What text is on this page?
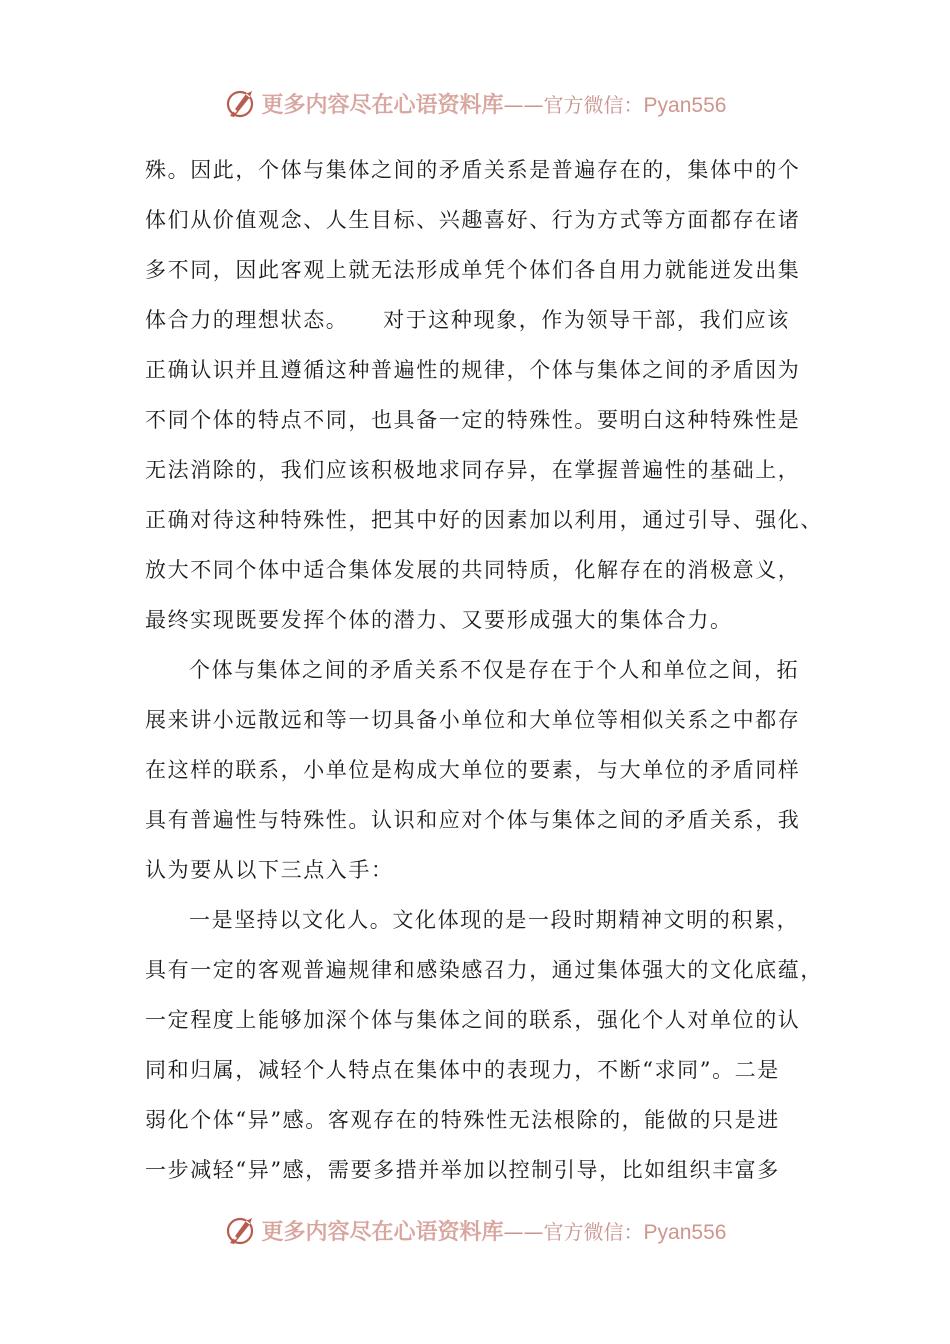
更多内容尽在心语资料库 —— 官方微信： Pyan556
殊。因此，个体与集体之间的矛盾关系是普遍存在的，集体中的个
体们从价值观念、人生目标、兴趣喜好、行为方式等方面都存在诸
多不同，因此客观上就无法形成单凭个体们各自用力就能迸发出集
体合力的理想状态。　　对于这种现象，作为领导干部，我们应该
正确认识并且遵循这种普遍性的规律，个体与集体之间的矛盾因为
不同个体的特点不同，也具备一定的特殊性。要明白这种特殊性是
无法消除的，我们应该积极地求同存异，在掌握普遍性的基础上，
正确对待这种特殊性，把其中好的因素加以利用，通过引导、强化、
放大不同个体中适合集体发展的共同特质，化解存在的消极意义，
最终实现既要发挥个体的潜力、又要形成强大的集体合力。
个体与集体之间的矛盾关系不仅是存在于个人和单位之间，拓
展来讲小远散远和等一切具备小单位和大单位等相似关系之中都存
在这样的联系，小单位是构成大单位的要素，与大单位的矛盾同样
具有普遍性与特殊性。认识和应对个体与集体之间的矛盾关系，我
认为要从以下三点入手：
一是坚持以文化人。文化体现的是一段时期精神文明的积累，
具有一定的客观普遍规律和感染感召力，通过集体强大的文化底蕴，
一定程度上能够加深个体与集体之间的联系，强化个人对单位的认
同和归属，减轻个人特点在集体中的表现力，不断“求同”。二是
弱化个体“异”感。客观存在的特殊性无法根除的，能做的只是进
一步减轻“异”感，需要多措并举加以控制引导，比如组织丰富多
更多内容尽在心语资料库 —— 官方微信： Pyan556
